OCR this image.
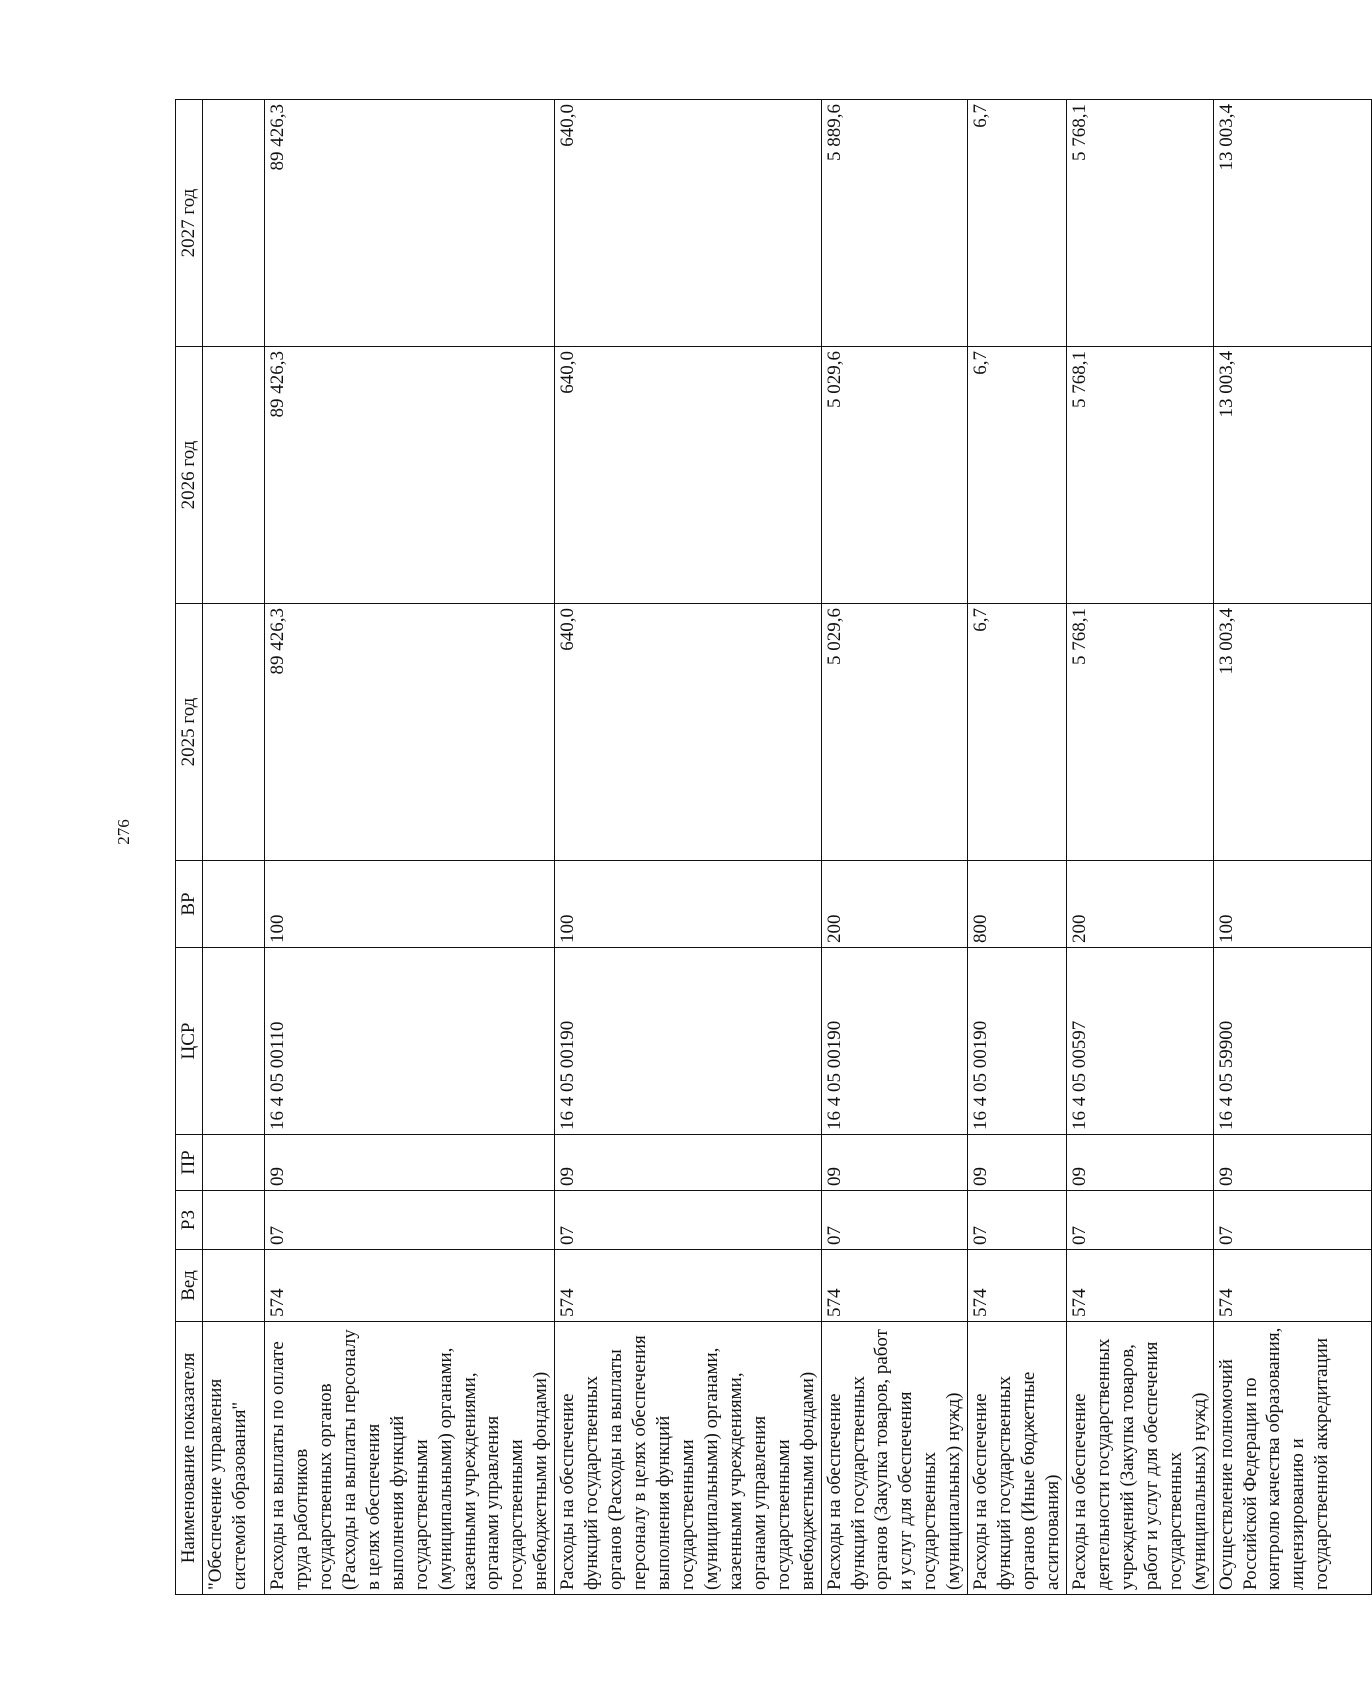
276
Наименование показателя	Вед	РЗ	ПР	ЦСР	ВР	2025 год	2026 год	2027 год
"Обеспечение управления системой образования"								
Расходы на выплаты по оплате труда работников государственных органов (Расходы на выплаты персоналу в целях обеспечения выполнения функций государственными (муниципальными) органами, казенными учреждениями, органами управления государственными внебюджетными фондами)	574	07	09	16 4 05 00110	100	89 426,3	89 426,3	89 426,3
Расходы на обеспечение функций государственных органов (Расходы на выплаты персоналу в целях обеспечения выполнения функций государственными (муниципальными) органами, казенными учреждениями, органами управления государственными внебюджетными фондами)	574	07	09	16 4 05 00190	100	640,0	640,0	640,0
Расходы на обеспечение функций государственных органов (Закупка товаров, работ и услуг для обеспечения государственных (муниципальных) нужд)	574	07	09	16 4 05 00190	200	5 029,6	5 029,6	5 889,6
Расходы на обеспечение функций государственных органов (Иные бюджетные ассигнования)	574	07	09	16 4 05 00190	800	6,7	6,7	6,7
Расходы на обеспечение деятельности государственных учреждений (Закупка товаров, работ и услуг для обеспечения государственных (муниципальных) нужд)	574	07	09	16 4 05 00597	200	5 768,1	5 768,1	5 768,1
Осуществление полномочий Российской Федерации по контролю качества образования, лицензированию и государственной аккредитации	574	07	09	16 4 05 59900	100	13 003,4	13 003,4	13 003,4
